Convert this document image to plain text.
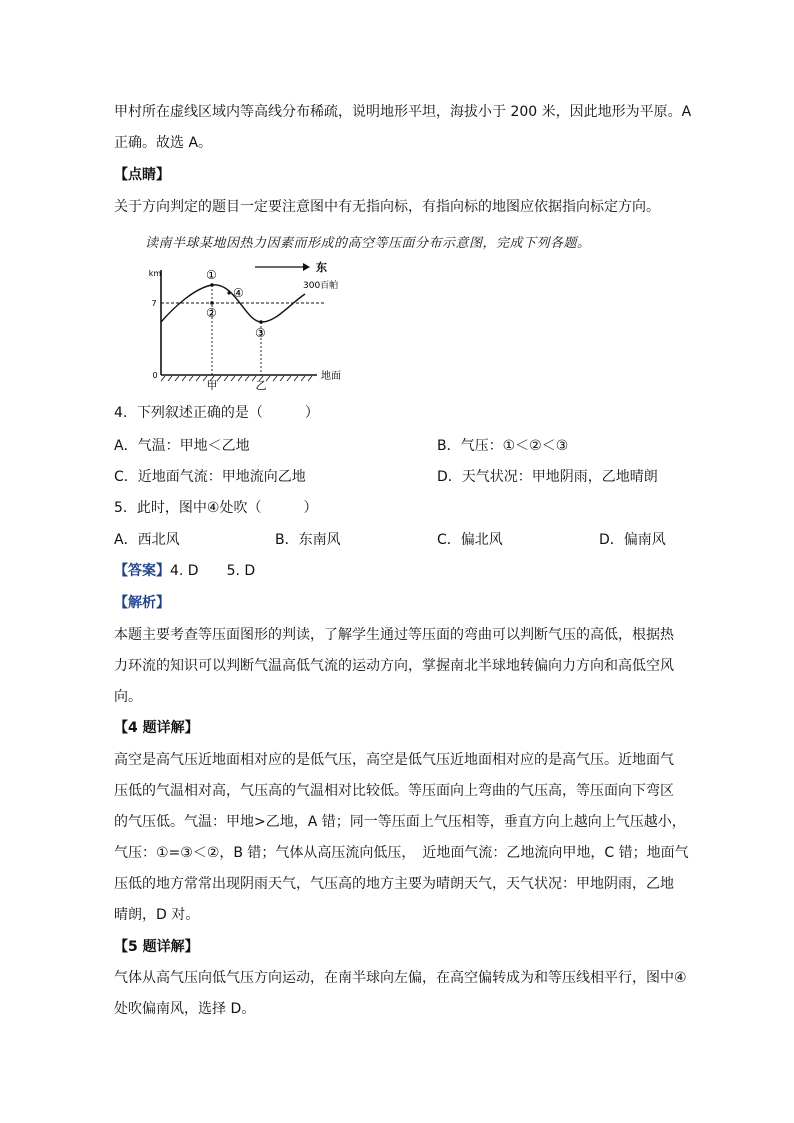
甲村所在虚线区域内等高线分布稀疏，说明地形平坦，海拔小于 200 米，因此地形为平原。A
正确。故选 A。
【点睛】
关于方向判定的题目一定要注意图中有无指向标，有指向标的地图应依据指向标定方向。
读南半球某地因热力因素而形成的高空等压面分布示意图，完成下列各题。
km
7
0	地面
东
300百帕
①
②
③
④
甲	乙
4．下列叙述正确的是（　　　）
A．气温：甲地＜乙地	B．气压：①＜②＜③
C．近地面气流：甲地流向乙地	D．天气状况：甲地阴雨，乙地晴朗
5．此时，图中④处吹（　　　）
A．西北风	B．东南风	C．偏北风	D．偏南风
【答案】4. D　　5. D
【解析】
本题主要考查等压面图形的判读，了解学生通过等压面的弯曲可以判断气压的高低，根据热
力环流的知识可以判断气温高低气流的运动方向，掌握南北半球地转偏向力方向和高低空风
向。
【4 题详解】
高空是高气压近地面相对应的是低气压，高空是低气压近地面相对应的是高气压。近地面气
压低的气温相对高，气压高的气温相对比较低。等压面向上弯曲的气压高，等压面向下弯区
的气压低。气温：甲地>乙地，A 错；同一等压面上气压相等，垂直方向上越向上气压越小，
气压：①=③＜②，B 错；气体从高压流向低压，　近地面气流：乙地流向甲地，C 错；地面气
压低的地方常常出现阴雨天气，气压高的地方主要为晴朗天气，天气状况：甲地阴雨，乙地
晴朗，D 对。
【5 题详解】
气体从高气压向低气压方向运动，在南半球向左偏，在高空偏转成为和等压线相平行，图中④
处吹偏南风，选择 D。
